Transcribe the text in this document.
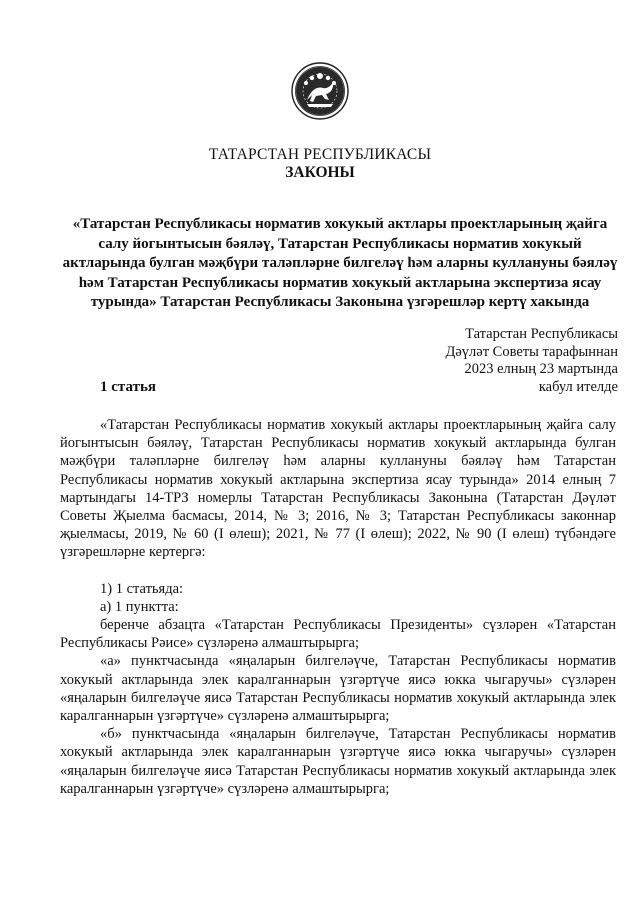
ТАТАРСТАН РЕСПУБЛИКАСЫ
ЗАКОНЫ
«Татарстан Республикасы норматив хокукый актлары проектларының җайга салу йогынтысын бәяләү, Татарстан Республикасы норматив хокукый актларында булган мәҗбүри таләпләрне билгеләү һәм аларны куллануны бәяләү һәм Татарстан Республикасы норматив хокукый актларына экспертиза ясау турында» Татарстан Республикасы Законына үзгәрешләр кертү хакында
Татарстан Республикасы
Дәүләт Советы тарафыннан
2023 елның 23 мартында
кабул ителде
1 статья

«Татарстан Республикасы норматив хокукый актлары проектларының җайга салу йогынтысын бәяләү, Татарстан Республикасы норматив хокукый актларында булган мәҗбүри таләпләрне билгеләү һәм аларны куллануны бәяләү һәм Татарстан Республикасы норматив хокукый актларына экспертиза ясау турында» 2014 елның 7 мартындагы 14-ТРЗ номерлы Татарстан Республикасы Законына (Татарстан Дәүләт Советы Җыелма басмасы, 2014, № 3; 2016, № 3; Татарстан Республикасы законнар җыелмасы, 2019, № 60 (I өлеш); 2021, № 77 (I өлеш); 2022, № 90 (I өлеш) түбәндәге үзгәрешләрне кертергә:

1) 1 статьяда:

а) 1 пунктта:

беренче абзацта «Татарстан Республикасы Президенты» сүзләрен «Татарстан Республикасы Рәисе» сүзләренә алмаштырырга;

«а» пунктчасында «яңаларын билгеләүче, Татарстан Республикасы норматив хокукый актларында элек каралганнарын үзгәртүче яисә юкка чыгаручы» сүзләрен «яңаларын билгеләүче яисә Татарстан Республикасы норматив хокукый актларында элек каралганнарын үзгәртүче» сүзләренә алмаштырырга;

«б» пунктчасында «яңаларын билгеләүче, Татарстан Республикасы норматив хокукый актларында элек каралганнарын үзгәртүче яисә юкка чыгаручы» сүзләрен «яңаларын билгеләүче яисә Татарстан Республикасы норматив хокукый актларында элек каралганнарын үзгәртүче» сүзләренә алмаштырырга;
